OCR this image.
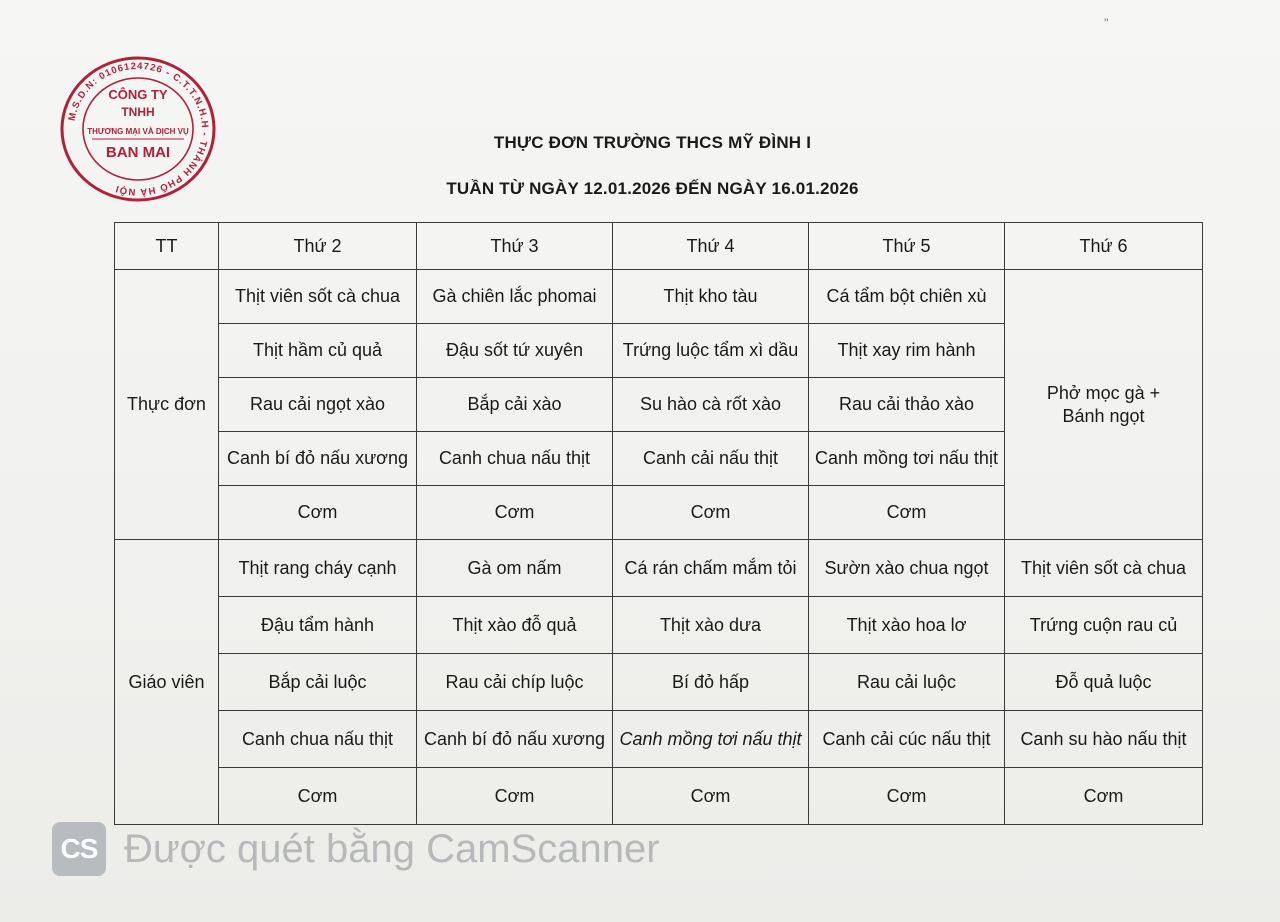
''
M.S.D.N: 0106124726 - C.T.T.N.H.H - THÀNH PHỐ HÀ NỘI
CÔNG TY
TNHH
THƯƠNG MẠI VÀ DỊCH VỤ
BAN MAI
THỰC ĐƠN TRƯỜNG THCS MỸ ĐÌNH I
TUẦN TỪ NGÀY 12.01.2026 ĐẾN NGÀY 16.01.2026
TT	Thứ 2	Thứ 3	Thứ 4	Thứ 5	Thứ 6
Thực đơn	Thịt viên sốt cà chua	Gà chiên lắc phomai	Thịt kho tàu	Cá tẩm bột chiên xù	Phở mọc gà + Bánh ngọt
	Thịt hầm củ quả	Đậu sốt tứ xuyên	Trứng luộc tẩm xì dầu	Thịt xay rim hành	
	Rau cải ngọt xào	Bắp cải xào	Su hào cà rốt xào	Rau cải thảo xào	
	Canh bí đỏ nấu xương	Canh chua nấu thịt	Canh cải nấu thịt	Canh mồng tơi nấu thịt	
	Cơm	Cơm	Cơm	Cơm	
Giáo viên	Thịt rang cháy cạnh	Gà om nấm	Cá rán chấm mắm tỏi	Sườn xào chua ngọt	Thịt viên sốt cà chua
	Đậu tẩm hành	Thịt xào đỗ quả	Thịt xào dưa	Thịt xào hoa lơ	Trứng cuộn rau củ
	Bắp cải luộc	Rau cải chíp luộc	Bí đỏ hấp	Rau cải luộc	Đỗ quả luộc
	Canh chua nấu thịt	Canh bí đỏ nấu xương	Canh mồng tơi nấu thịt	Canh cải cúc nấu thịt	Canh su hào nấu thịt
	Cơm	Cơm	Cơm	Cơm	Cơm
CS Được quét bằng CamScanner
